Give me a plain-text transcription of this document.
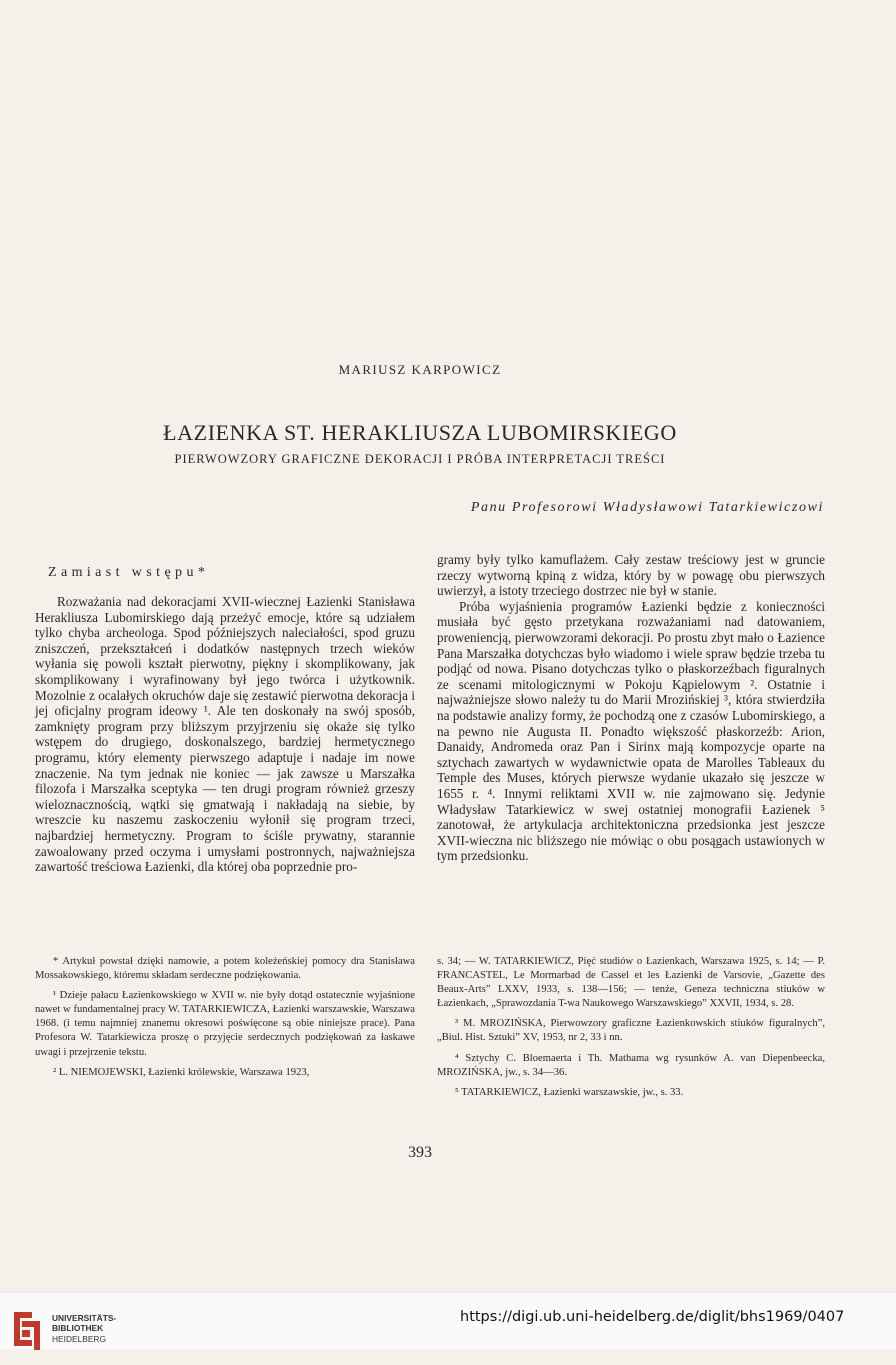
MARIUSZ KARPOWICZ
ŁAZIENKA ST. HERAKLIUSZA LUBOMIRSKIEGO
PIERWOWZORY GRAFICZNE DEKORACJI I PRÓBA INTERPRETACJI TREŚCI
Panu Profesorowi Władysławowi Tatarkiewiczowi
Zamiast wstępu*

Rozważania nad dekoracjami XVII-wiecznej Łazienki Stanisława Herakliusza Lubomirskiego dają przeżyć emocje, które są udziałem tylko chyba archeologa. Spod późniejszych naleciałości, spod gruzu zniszczeń, przekształceń i dodatków następnych trzech wieków wyłania się powoli kształt pierwotny, piękny i skomplikowany, jak skomplikowany i wyrafinowany był jego twórca i użytkownik. Mozolnie z ocalałych okruchów daje się zestawić pierwotna dekoracja i jej oficjalny program ideowy ¹. Ale ten doskonały na swój sposób, zamknięty program przy bliższym przyjrzeniu się okaże się tylko wstępem do drugiego, doskonalszego, bardziej hermetycznego programu, który elementy pierwszego adaptuje i nadaje im nowe znaczenie. Na tym jednak nie koniec — jak zawsze u Marszałka filozofa i Marszałka sceptyka — ten drugi program również grzeszy wieloznacznością, wątki się gmatwają i nakładają na siebie, by wreszcie ku naszemu zaskoczeniu wyłonił się program trzeci, najbardziej hermetyczny. Program to ściśle prywatny, starannie zawoalowany przed oczyma i umysłami postronnych, najważniejsza zawartość treściowa Łazienki, dla której oba poprzednie pro-

gramy były tylko kamuflażem. Cały zestaw treściowy jest w gruncie rzeczy wytworną kpiną z widza, który by w powagę obu pierwszych uwierzył, a istoty trzeciego dostrzec nie był w stanie.

Próba wyjaśnienia programów Łazienki będzie z konieczności musiała być gęsto przetykana rozważaniami nad datowaniem, proweniencją, pierwowzorami dekoracji. Po prostu zbyt mało o Łazience Pana Marszałka dotychczas było wiadomo i wiele spraw będzie trzeba tu podjąć od nowa. Pisano dotychczas tylko o płaskorzeźbach figuralnych ze scenami mitologicznymi w Pokoju Kąpielowym ². Ostatnie i najważniejsze słowo należy tu do Marii Mrozińskiej ³, która stwierdziła na podstawie analizy formy, że pochodzą one z czasów Lubomirskiego, a na pewno nie Augusta II. Ponadto większość płaskorzeźb: Arion, Danaidy, Andromeda oraz Pan i Sirinx mają kompozycje oparte na sztychach zawartych w wydawnictwie opata de Marolles Tableaux du Temple des Muses, których pierwsze wydanie ukazało się jeszcze w 1655 r. ⁴. Innymi reliktami XVII w. nie zajmowano się. Jedynie Władysław Tatarkiewicz w swej ostatniej monografii Łazienek ⁵ zanotował, że artykulacja architektoniczna przedsionka jest jeszcze XVII-wieczna nic bliższego nie mówiąc o obu posągach ustawionych w tym przedsionku.

* Artykuł powstał dzięki namowie, a potem koleżeńskiej pomocy dra Stanisława Mossakowskiego, któremu składam serdeczne podziękowania.

¹ Dzieje pałacu Łazienkowskiego w XVII w. nie były dotąd ostatecznie wyjaśnione nawet w fundamentalnej pracy W. TATARKIEWICZA, Łazienki warszawskie, Warszawa 1968. (i temu najmniej znanemu okresowi poświęcone są obie niniejsze prace). Pana Profesora W. Tatarkiewicza proszę o przyjęcie serdecznych podziękowań za łaskawe uwagi i przejrzenie tekstu.

² L. NIEMOJEWSKI, Łazienki królewskie, Warszawa 1923,

s. 34; — W. TATARKIEWICZ, Pięć studiów o Łazienkach, Warszawa 1925, s. 14; — P. FRANCASTEL, Le Mormarbad de Cassel et les Łazienki de Varsovie, „Gazette des Beaux-Arts” LXXV, 1933, s. 138—156; — tenże, Geneza techniczna stiuków w Łazienkach, „Sprawozdania T-wa Naukowego Warszawskiego” XXVII, 1934, s. 28.

³ M. MROZIŃSKA, Pierwowzory graficzne Łazienkowskich stiuków figuralnych”, „Biul. Hist. Sztuki” XV, 1953, nr 2, 33 i nn.

⁴ Sztychy C. Bloemaerta i Th. Mathama wg rysunków A. van Diepenbeecka, MROZIŃSKA, jw., s. 34—36.

⁵ TATARKIEWICZ, Łazienki warszawskie, jw., s. 33.

393
UNIVERSITÄTS-
BIBLIOTHEK
HEIDELBERG
https://digi.ub.uni-heidelberg.de/diglit/bhs1969/0407
